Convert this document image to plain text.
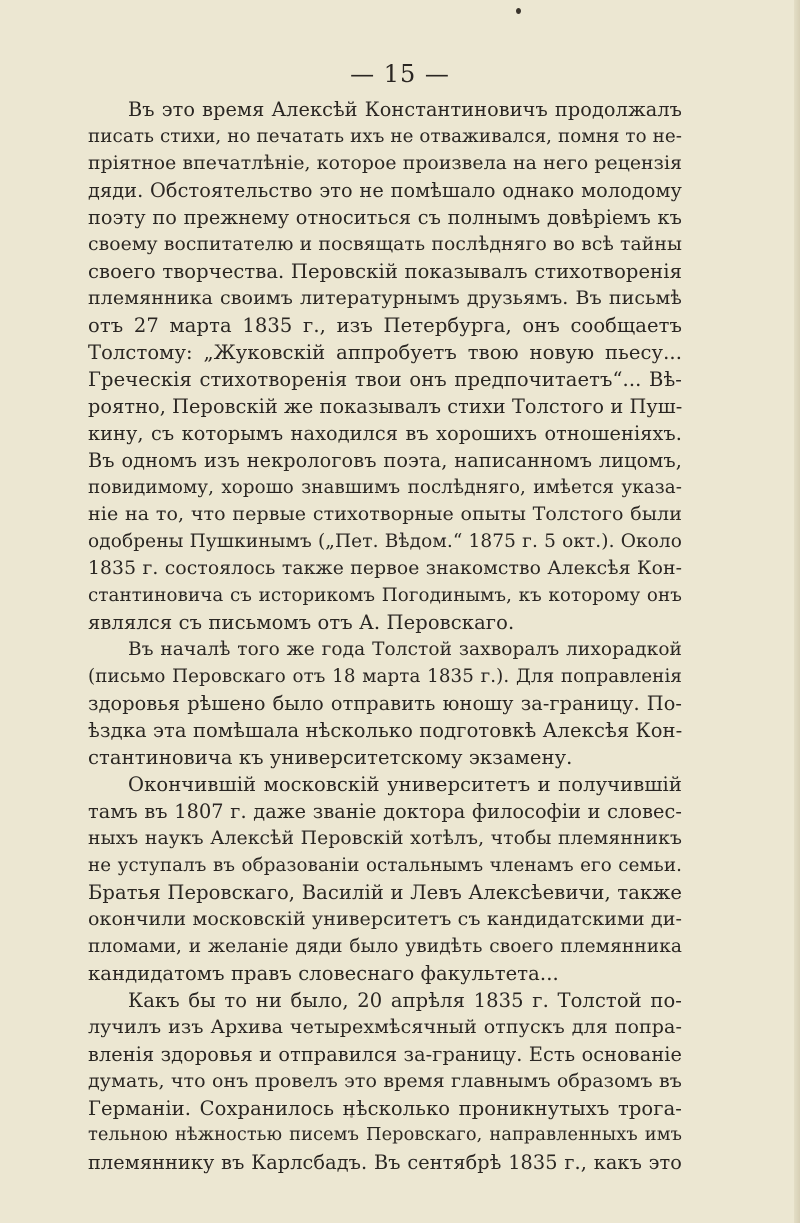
— 15 —
Въ это время Алексѣй Константиновичъ продолжалъ
писать стихи, но печатать ихъ не отваживался, помня то не-
пріятное впечатлѣніе, которое произвела на него рецензія
дяди. Обстоятельство это не помѣшало однако молодому
поэту по прежнему относиться съ полнымъ довѣріемъ къ
своему воспитателю и посвящать послѣдняго во всѣ тайны
своего творчества. Перовскій показывалъ стихотворенія
племянника своимъ литературнымъ друзьямъ. Въ письмѣ
отъ 27 марта 1835 г., изъ Петербурга, онъ сообщаетъ
Толстому: „Жуковскій аппробуетъ твою новую пьесу...
Греческія стихотворенія твои онъ предпочитаетъ“... Вѣ-
роятно, Перовскій же показывалъ стихи Толстого и Пуш-
кину, съ которымъ находился въ хорошихъ отношеніяхъ.
Въ одномъ изъ некрологовъ поэта, написанномъ лицомъ,
повидимому, хорошо знавшимъ послѣдняго, имѣется указа-
ніе на то, что первые стихотворные опыты Толстого были
одобрены Пушкинымъ („Пет. Вѣдом.“ 1875 г. 5 окт.). Около
1835 г. состоялось также первое знакомство Алексѣя Кон-
стантиновича съ историкомъ Погодинымъ, къ которому онъ
являлся съ письмомъ отъ А. Перовскаго.
Въ началѣ того же года Толстой захворалъ лихорадкой
(письмо Перовскаго отъ 18 марта 1835 г.). Для поправленія
здоровья рѣшено было отправить юношу за-границу. По-
ѣздка эта помѣшала нѣсколько подготовкѣ Алексѣя Кон-
стантиновича къ университетскому экзамену.
Окончившій московскій университетъ и получившій
тамъ въ 1807 г. даже званіе доктора философіи и словес-
ныхъ наукъ Алексѣй Перовскій хотѣлъ, чтобы племянникъ
не уступалъ въ образованіи остальнымъ членамъ его семьи.
Братья Перовскаго, Василій и Левъ Алексѣевичи, также
окончили московскій университетъ съ кандидатскими ди-
пломами, и желаніе дяди было увидѣть своего племянника
кандидатомъ правъ словеснаго факультета...
Какъ бы то ни было, 20 апрѣля 1835 г. Толстой по-
лучилъ изъ Архива четырехмѣсячный отпускъ для попра-
вленія здоровья и отправился за-границу. Есть основаніе
думать, что онъ провелъ это время главнымъ образомъ въ
Германіи. Сохранилось нѣсколько проникнутыхъ трога-
тельною нѣжностью писемъ Перовскаго, направленныхъ имъ
племяннику въ Карлсбадъ. Въ сентябрѣ 1835 г., какъ это
